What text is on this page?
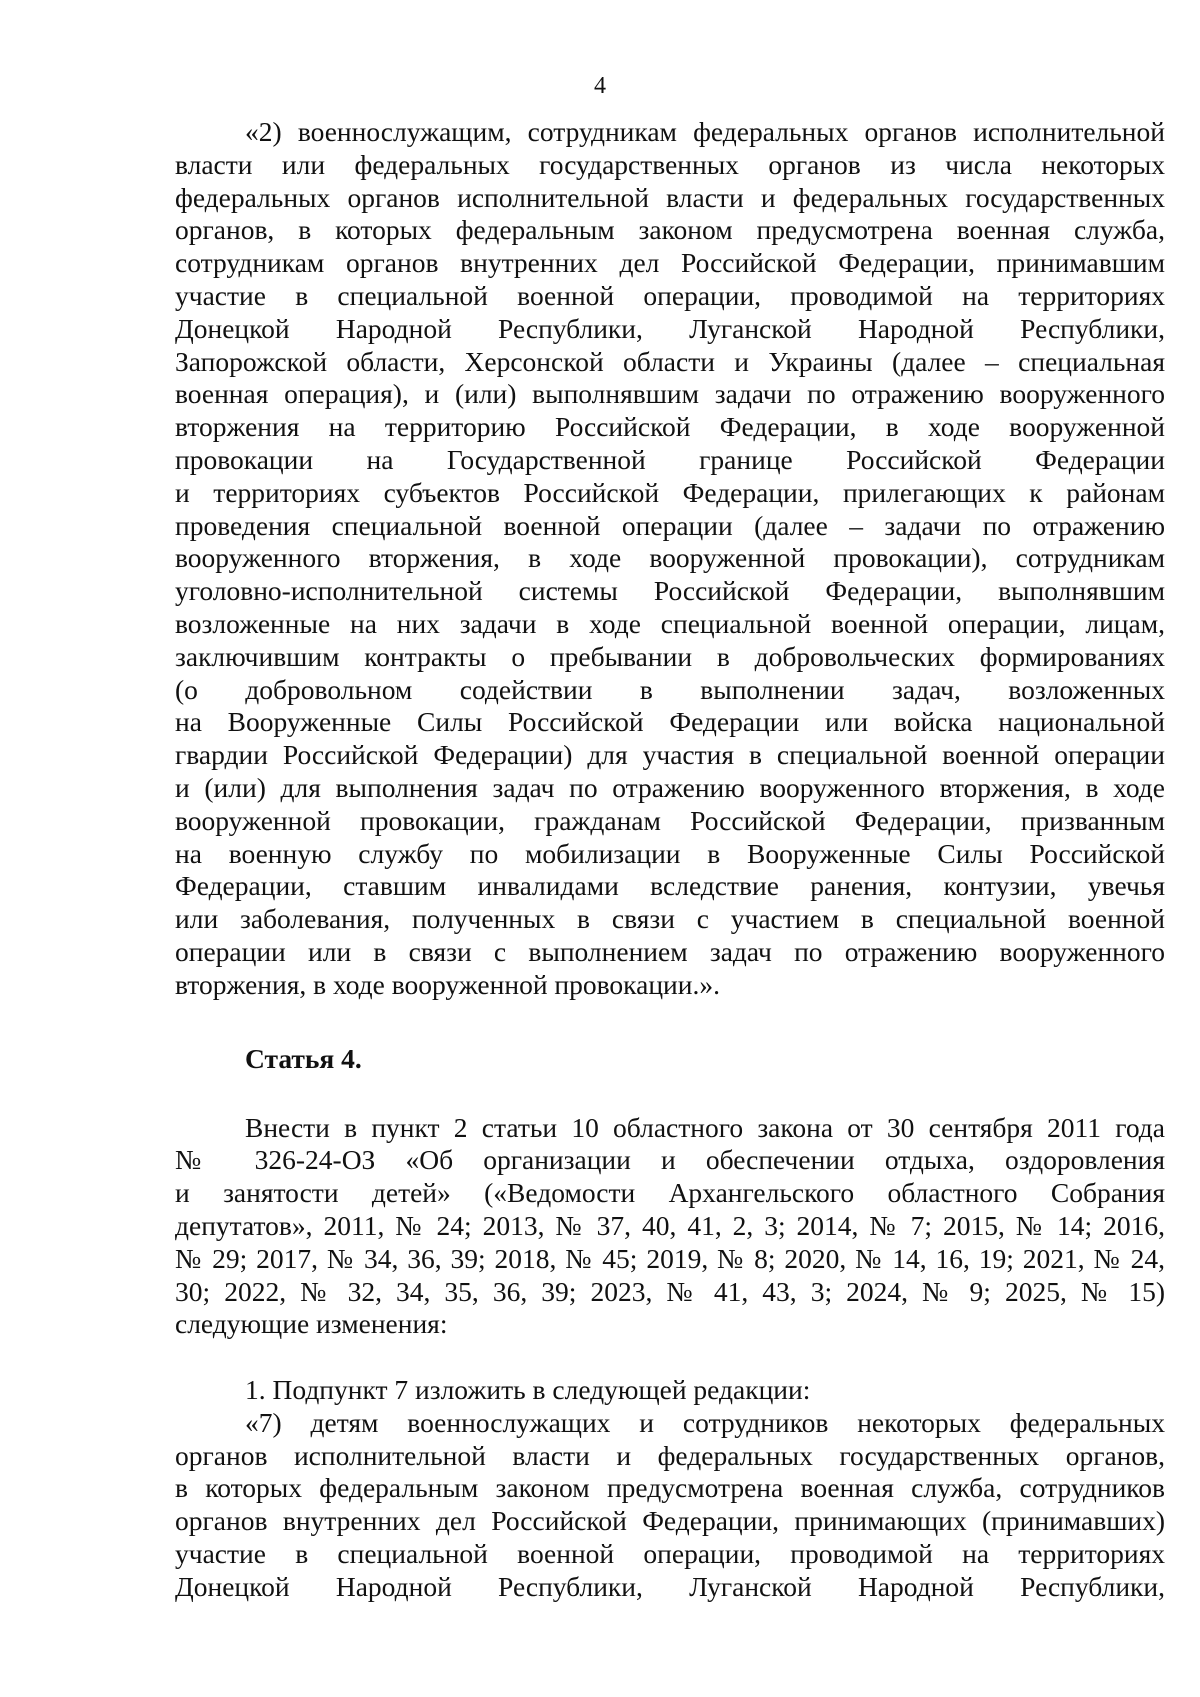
4

«2) военнослужащим, сотрудникам федеральных органов исполнительной
власти или федеральных государственных органов из числа некоторых
федеральных органов исполнительной власти и федеральных государственных
органов, в которых федеральным законом предусмотрена военная служба,
сотрудникам органов внутренних дел Российской Федерации, принимавшим
участие в специальной военной операции, проводимой на территориях
Донецкой Народной Республики, Луганской Народной Республики,
Запорожской области, Херсонской области и Украины (далее – специальная
военная операция), и (или) выполнявшим задачи по отражению вооруженного
вторжения на территорию Российской Федерации, в ходе вооруженной
провокации на Государственной границе Российской Федерации
и территориях субъектов Российской Федерации, прилегающих к районам
проведения специальной военной операции (далее – задачи по отражению
вооруженного вторжения, в ходе вооруженной провокации), сотрудникам
уголовно-исполнительной системы Российской Федерации, выполнявшим
возложенные на них задачи в ходе специальной военной операции, лицам,
заключившим контракты о пребывании в добровольческих формированиях
(о добровольном содействии в выполнении задач, возложенных
на Вооруженные Силы Российской Федерации или войска национальной
гвардии Российской Федерации) для участия в специальной военной операции
и (или) для выполнения задач по отражению вооруженного вторжения, в ходе
вооруженной провокации, гражданам Российской Федерации, призванным
на военную службу по мобилизации в Вооруженные Силы Российской
Федерации, ставшим инвалидами вследствие ранения, контузии, увечья
или заболевания, полученных в связи с участием в специальной военной
операции или в связи с выполнением задач по отражению вооруженного
вторжения, в ходе вооруженной провокации.».

Статья 4.

Внести в пункт 2 статьи 10 областного закона от 30 сентября 2011 года
№ 326-24-ОЗ «Об организации и обеспечении отдыха, оздоровления
и занятости детей» («Ведомости Архангельского областного Собрания
депутатов», 2011, № 24; 2013, № 37, 40, 41, 2, 3; 2014, № 7; 2015, № 14; 2016,
№ 29; 2017, № 34, 36, 39; 2018, № 45; 2019, № 8; 2020, № 14, 16, 19; 2021, № 24,
30; 2022, № 32, 34, 35, 36, 39; 2023, № 41, 43, 3; 2024, № 9; 2025, № 15)
следующие изменения:

1. Подпункт 7 изложить в следующей редакции:

«7) детям военнослужащих и сотрудников некоторых федеральных
органов исполнительной власти и федеральных государственных органов,
в которых федеральным законом предусмотрена военная служба, сотрудников
органов внутренних дел Российской Федерации, принимающих (принимавших)
участие в специальной военной операции, проводимой на территориях
Донецкой Народной Республики, Луганской Народной Республики,
